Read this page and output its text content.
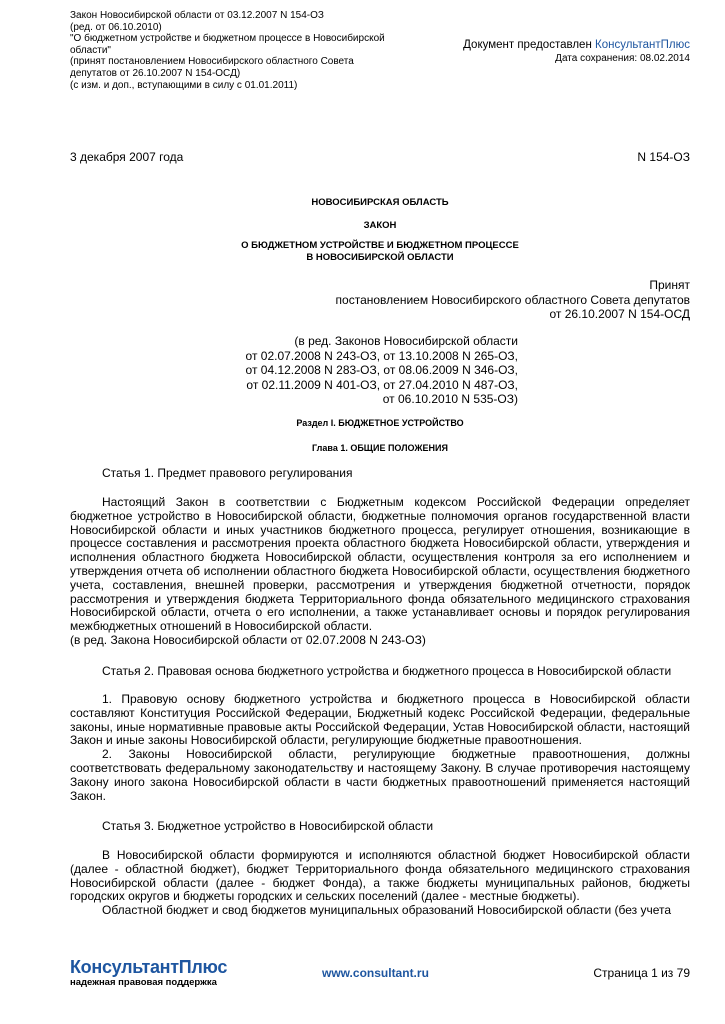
Закон Новосибирской области от 03.12.2007 N 154-ОЗ
(ред. от 06.10.2010)
"О бюджетном устройстве и бюджетном процессе в Новосибирской области"
(принят постановлением Новосибирского областного Совета депутатов от 26.10.2007 N 154-ОСД)
(с изм. и доп., вступающими в силу с 01.01.2011)
Документ предоставлен КонсультантПлюс
Дата сохранения: 08.02.2014
3 декабря 2007 года	N 154-ОЗ
НОВОСИБИРСКАЯ ОБЛАСТЬ
ЗАКОН
О БЮДЖЕТНОМ УСТРОЙСТВЕ И БЮДЖЕТНОМ ПРОЦЕССЕ
В НОВОСИБИРСКОЙ ОБЛАСТИ
Принят
постановлением Новосибирского областного Совета депутатов
от 26.10.2007 N 154-ОСД
(в ред. Законов Новосибирской области
от 02.07.2008 N 243-ОЗ, от 13.10.2008 N 265-ОЗ,
от 04.12.2008 N 283-ОЗ, от 08.06.2009 N 346-ОЗ,
от 02.11.2009 N 401-ОЗ, от 27.04.2010 N 487-ОЗ,
от 06.10.2010 N 535-ОЗ)
Раздел I. БЮДЖЕТНОЕ УСТРОЙСТВО
Глава 1. ОБЩИЕ ПОЛОЖЕНИЯ
Статья 1. Предмет правового регулирования

Настоящий Закон в соответствии с Бюджетным кодексом Российской Федерации определяет бюджетное устройство в Новосибирской области, бюджетные полномочия органов государственной власти Новосибирской области и иных участников бюджетного процесса, регулирует отношения, возникающие в процессе составления и рассмотрения проекта областного бюджета Новосибирской области, утверждения и исполнения областного бюджета Новосибирской области, осуществления контроля за его исполнением и утверждения отчета об исполнении областного бюджета Новосибирской области, осуществления бюджетного учета, составления, внешней проверки, рассмотрения и утверждения бюджетной отчетности, порядок рассмотрения и утверждения бюджета Территориального фонда обязательного медицинского страхования Новосибирской области, отчета о его исполнении, а также устанавливает основы и порядок регулирования межбюджетных отношений в Новосибирской области.

(в ред. Закона Новосибирской области от 02.07.2008 N 243-ОЗ)

Статья 2. Правовая основа бюджетного устройства и бюджетного процесса в Новосибирской области

1. Правовую основу бюджетного устройства и бюджетного процесса в Новосибирской области составляют Конституция Российской Федерации, Бюджетный кодекс Российской Федерации, федеральные законы, иные нормативные правовые акты Российской Федерации, Устав Новосибирской области, настоящий Закон и иные законы Новосибирской области, регулирующие бюджетные правоотношения.

2. Законы Новосибирской области, регулирующие бюджетные правоотношения, должны соответствовать федеральному законодательству и настоящему Закону. В случае противоречия настоящему Закону иного закона Новосибирской области в части бюджетных правоотношений применяется настоящий Закон.

Статья 3. Бюджетное устройство в Новосибирской области

В Новосибирской области формируются и исполняются областной бюджет Новосибирской области (далее - областной бюджет), бюджет Территориального фонда обязательного медицинского страхования Новосибирской области (далее - бюджет Фонда), а также бюджеты муниципальных районов, бюджеты городских округов и бюджеты городских и сельских поселений (далее - местные бюджеты).

Областной бюджет и свод бюджетов муниципальных образований Новосибирской области (без учета

КонсультантПлюс
надежная правовая поддержка
www.consultant.ru	Страница 1 из 79
